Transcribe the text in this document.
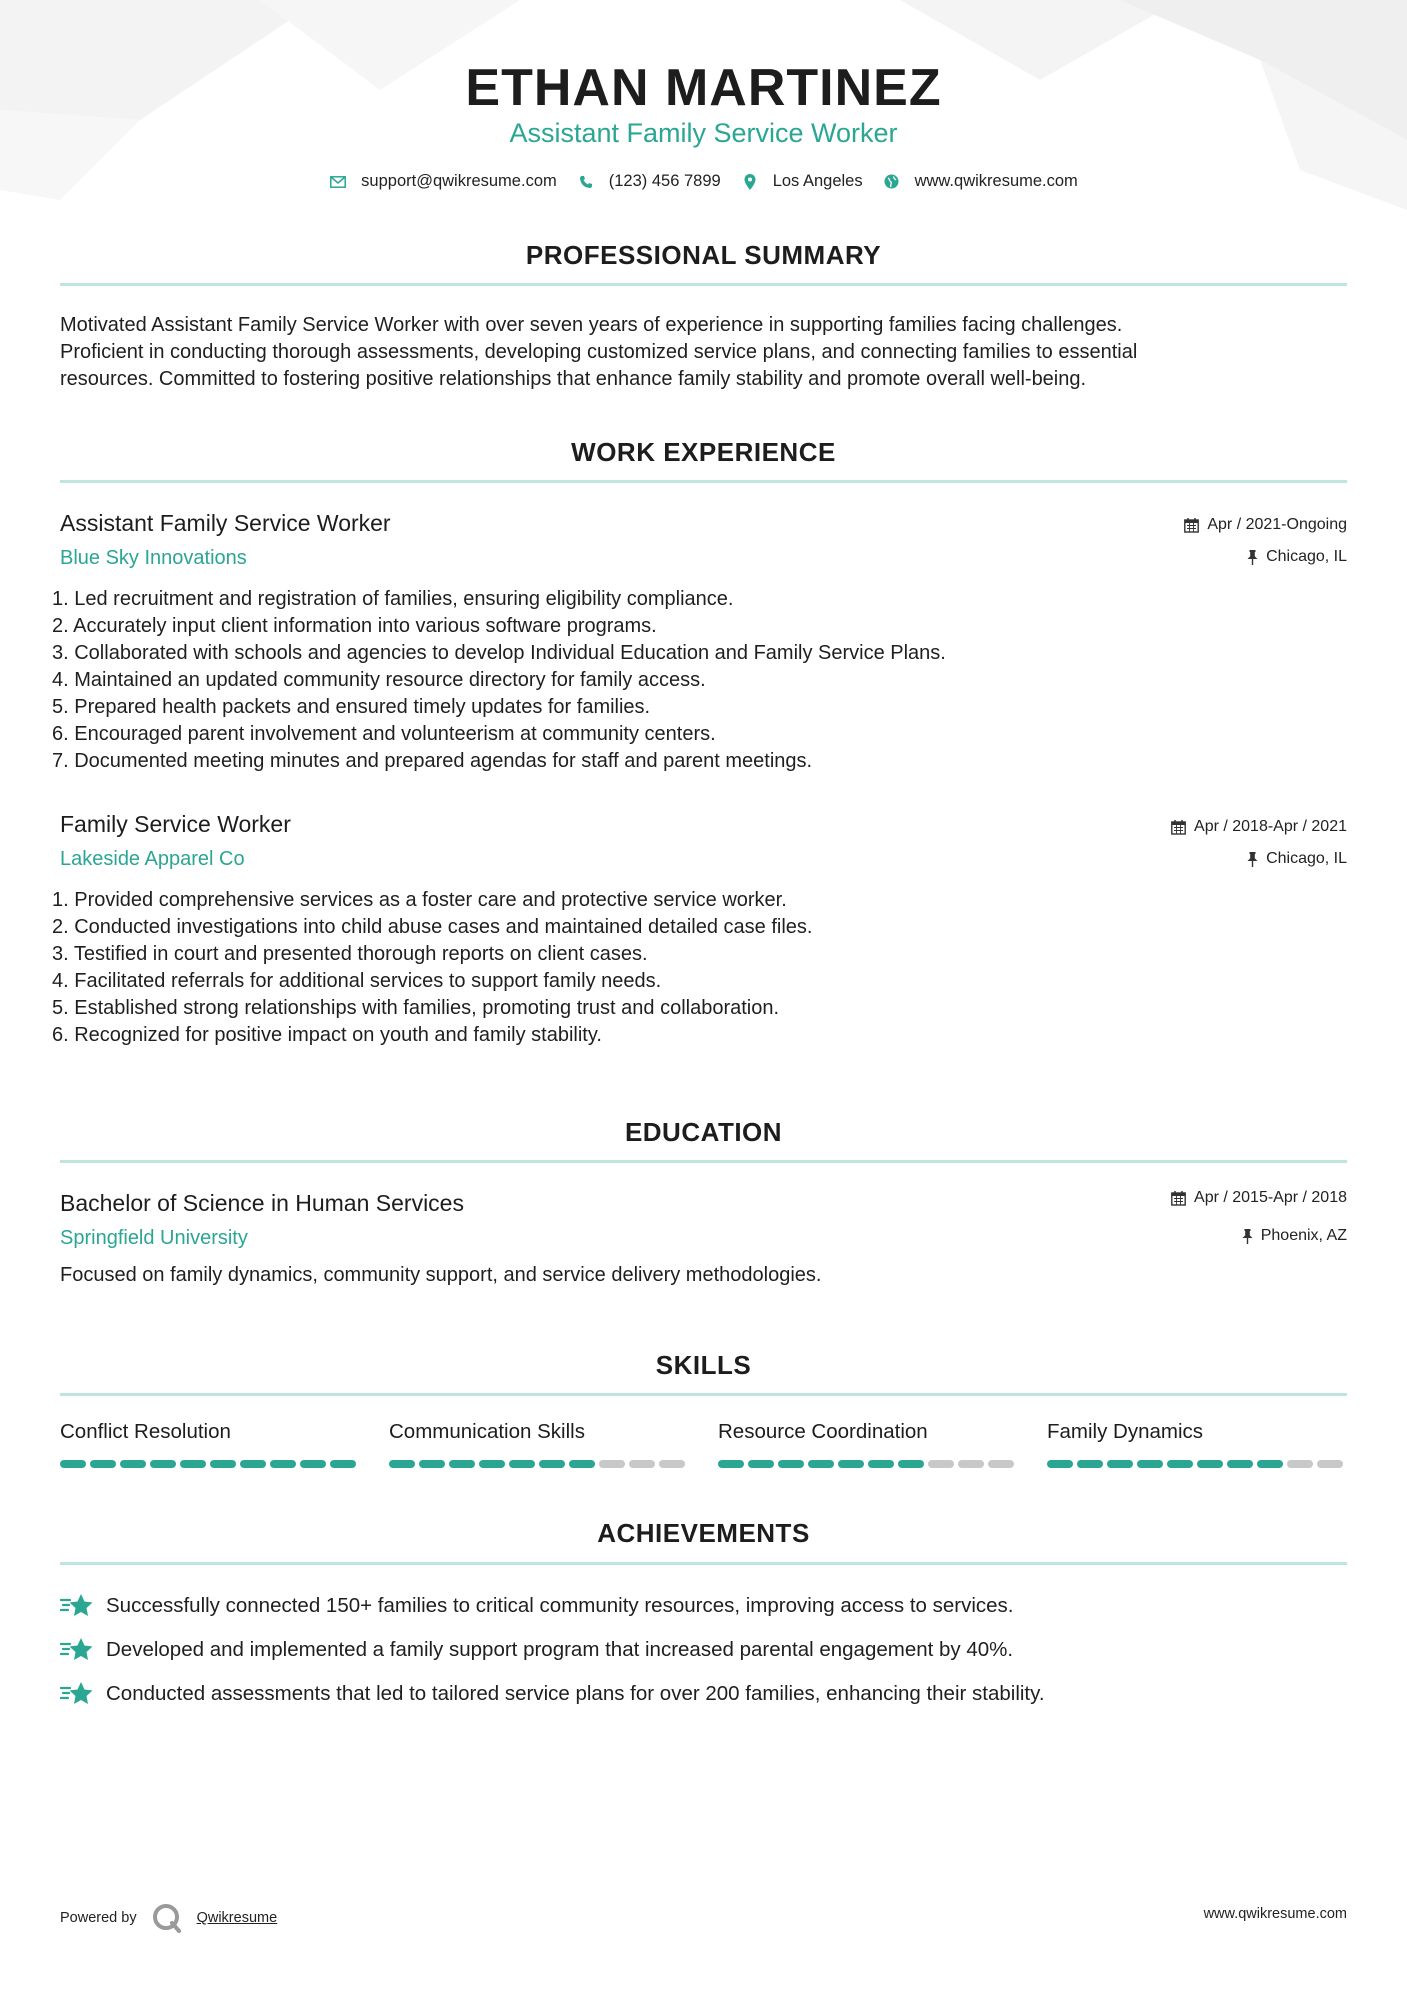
ETHAN MARTINEZ
Assistant Family Service Worker
support@qwikresume.com	(123) 456 7899	Los Angeles	www.qwikresume.com
PROFESSIONAL SUMMARY
Motivated Assistant Family Service Worker with over seven years of experience in supporting families facing challenges.
Proficient in conducting thorough assessments, developing customized service plans, and connecting families to essential
resources. Committed to fostering positive relationships that enhance family stability and promote overall well-being.
WORK EXPERIENCE
Assistant Family Service Worker
Blue Sky Innovations
Apr / 2021-Ongoing
Chicago, IL
1. Led recruitment and registration of families, ensuring eligibility compliance.
2. Accurately input client information into various software programs.
3. Collaborated with schools and agencies to develop Individual Education and Family Service Plans.
4. Maintained an updated community resource directory for family access.
5. Prepared health packets and ensured timely updates for families.
6. Encouraged parent involvement and volunteerism at community centers.
7. Documented meeting minutes and prepared agendas for staff and parent meetings.
Family Service Worker
Lakeside Apparel Co
Apr / 2018-Apr / 2021
Chicago, IL
1. Provided comprehensive services as a foster care and protective service worker.
2. Conducted investigations into child abuse cases and maintained detailed case files.
3. Testified in court and presented thorough reports on client cases.
4. Facilitated referrals for additional services to support family needs.
5. Established strong relationships with families, promoting trust and collaboration.
6. Recognized for positive impact on youth and family stability.
EDUCATION
Bachelor of Science in Human Services
Springfield University
Apr / 2015-Apr / 2018
Phoenix, AZ
Focused on family dynamics, community support, and service delivery methodologies.
SKILLS
Conflict Resolution	Communication Skills	Resource Coordination	Family Dynamics
ACHIEVEMENTS
Successfully connected 150+ families to critical community resources, improving access to services.
Developed and implemented a family support program that increased parental engagement by 40%.
Conducted assessments that led to tailored service plans for over 200 families, enhancing their stability.
Powered by	Qwikresume	www.qwikresume.com
